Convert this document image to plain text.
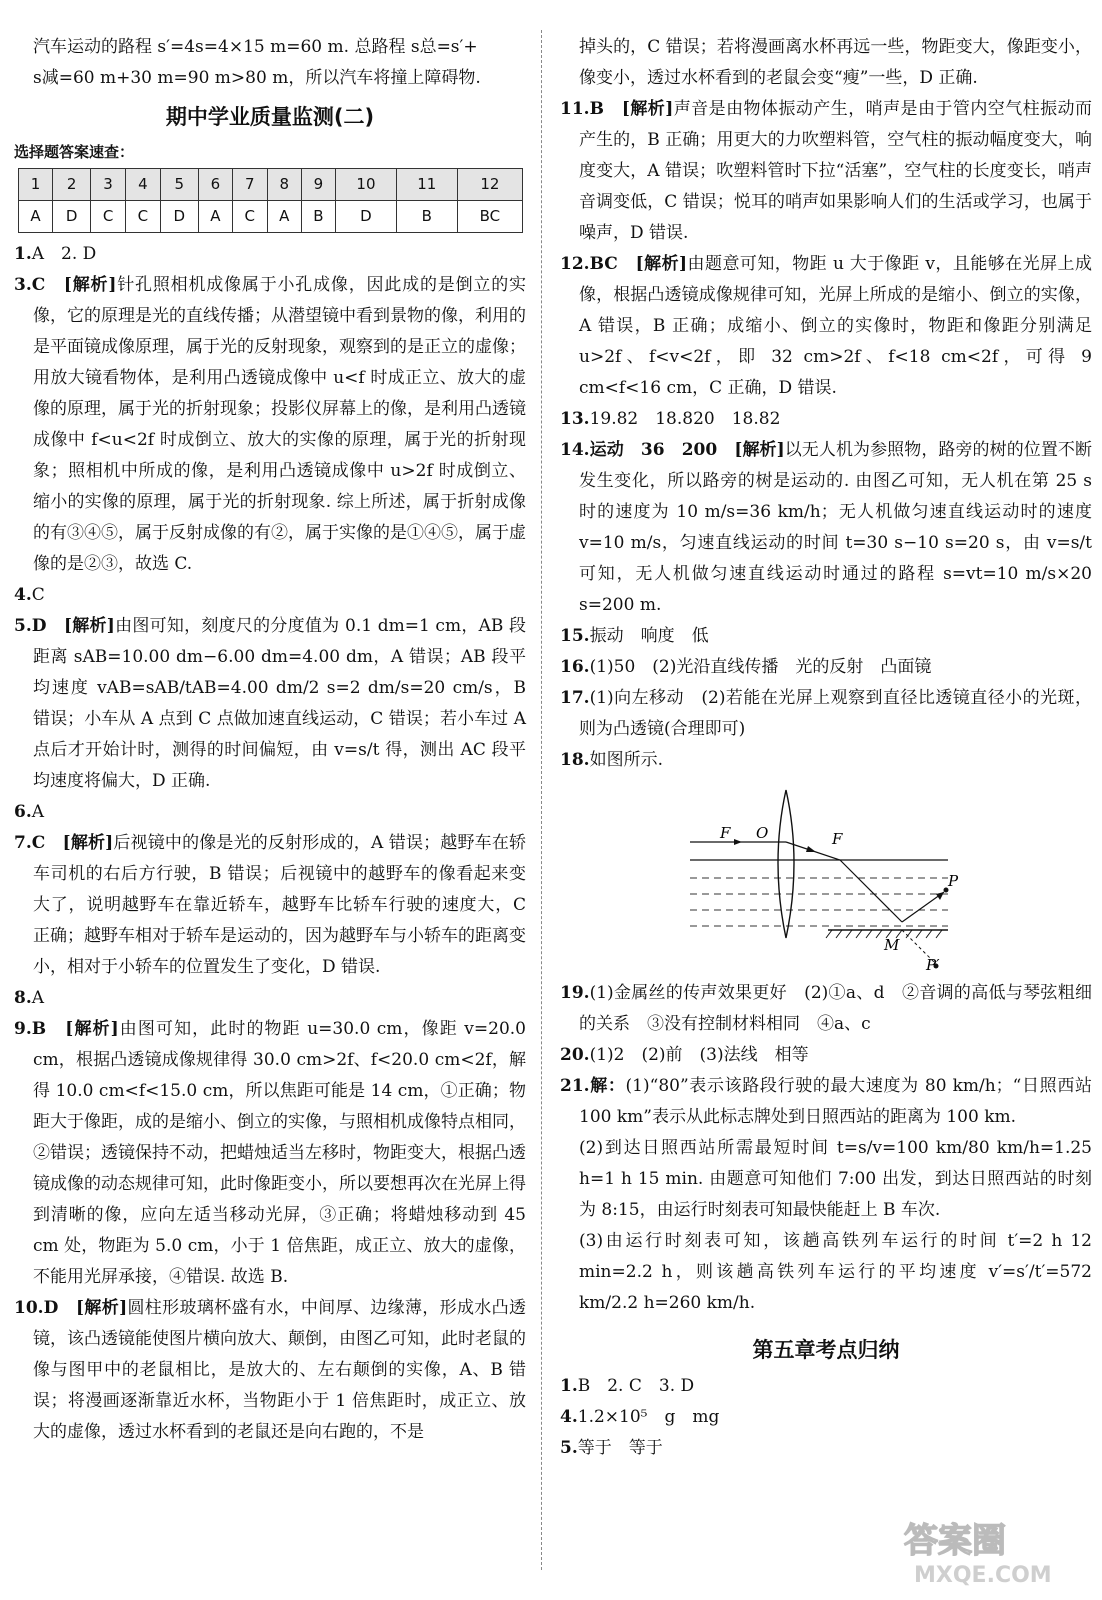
汽车运动的路程 s′=4s=4×15 m=60 m. 总路程 s总=s′+

s减=60 m+30 m=90 m>80 m，所以汽车将撞上障碍物.

期中学业质量监测(二)

选择题答案速查：

1	2	3	4	5	6	7	8	9	10	11	12
A	D	C	C	D	A	C	A	B	D	B	BC

1.A　2. D

3.C　[解析]针孔照相机成像属于小孔成像，因此成的是倒立的实像，它的原理是光的直线传播；从潜望镜中看到景物的像，利用的是平面镜成像原理，属于光的反射现象，观察到的是正立的虚像；用放大镜看物体，是利用凸透镜成像中 u<f 时成正立、放大的虚像的原理，属于光的折射现象；投影仪屏幕上的像，是利用凸透镜成像中 f<u<2f 时成倒立、放大的实像的原理，属于光的折射现象；照相机中所成的像，是利用凸透镜成像中 u>2f 时成倒立、缩小的实像的原理，属于光的折射现象. 综上所述，属于折射成像的有③④⑤，属于反射成像的有②，属于实像的是①④⑤，属于虚像的是②③，故选 C.

4.C

5.D　[解析]由图可知，刻度尺的分度值为 0.1 dm=1 cm，AB 段距离 sAB=10.00 dm−6.00 dm=4.00 dm，A 错误；AB 段平均速度 vAB=sAB/tAB=4.00 dm/2 s=2 dm/s=20 cm/s，B 错误；小车从 A 点到 C 点做加速直线运动，C 错误；若小车过 A 点后才开始计时，测得的时间偏短，由 v=s/t 得，测出 AC 段平均速度将偏大，D 正确.

6.A

7.C　[解析]后视镜中的像是光的反射形成的，A 错误；越野车在轿车司机的右后方行驶，B 错误；后视镜中的越野车的像看起来变大了，说明越野车在靠近轿车，越野车比轿车行驶的速度大，C 正确；越野车相对于轿车是运动的，因为越野车与小轿车的距离变小，相对于小轿车的位置发生了变化，D 错误.

8.A

9.B　[解析]由图可知，此时的物距 u=30.0 cm，像距 v=20.0 cm，根据凸透镜成像规律得 30.0 cm>2f、f<20.0 cm<2f，解得 10.0 cm<f<15.0 cm，所以焦距可能是 14 cm，①正确；物距大于像距，成的是缩小、倒立的实像，与照相机成像特点相同，②错误；透镜保持不动，把蜡烛适当左移时，物距变大，根据凸透镜成像的动态规律可知，此时像距变小，所以要想再次在光屏上得到清晰的像，应向左适当移动光屏，③正确；将蜡烛移动到 45 cm 处，物距为 5.0 cm，小于 1 倍焦距，成正立、放大的虚像，不能用光屏承接，④错误. 故选 B.

10.D　[解析]圆柱形玻璃杯盛有水，中间厚、边缘薄，形成水凸透镜，该凸透镜能使图片横向放大、颠倒，由图乙可知，此时老鼠的像与图甲中的老鼠相比，是放大的、左右颠倒的实像，A、B 错误；将漫画逐渐靠近水杯，当物距小于 1 倍焦距时，成正立、放大的虚像，透过水杯看到的老鼠还是向右跑的，不是

掉头的，C 错误；若将漫画离水杯再远一些，物距变大，像距变小，像变小，透过水杯看到的老鼠会变“瘦”一些，D 正确.

11.B　[解析]声音是由物体振动产生，哨声是由于管内空气柱振动而产生的，B 正确；用更大的力吹塑料管，空气柱的振动幅度变大，响度变大，A 错误；吹塑料管时下拉“活塞”，空气柱的长度变长，哨声音调变低，C 错误；悦耳的哨声如果影响人们的生活或学习，也属于噪声，D 错误.

12.BC　[解析]由题意可知，物距 u 大于像距 v，且能够在光屏上成像，根据凸透镜成像规律可知，光屏上所成的是缩小、倒立的实像，A 错误，B 正确；成缩小、倒立的实像时，物距和像距分别满足 u>2f、f<v<2f，即 32 cm>2f、f<18 cm<2f，可得 9 cm<f<16 cm，C 正确，D 错误.

13.19.82　18.820　18.82

14.运动　36　200　[解析]以无人机为参照物，路旁的树的位置不断发生变化，所以路旁的树是运动的. 由图乙可知，无人机在第 25 s 时的速度为 10 m/s=36 km/h；无人机做匀速直线运动时的速度 v=10 m/s，匀速直线运动的时间 t=30 s−10 s=20 s，由 v=s/t 可知，无人机做匀速直线运动时通过的路程 s=vt=10 m/s×20 s=200 m.

15.振动　响度　低

16.(1)50　(2)光沿直线传播　光的反射　凸面镜

17.(1)向左移动　(2)若能在光屏上观察到直径比透镜直径小的光斑，则为凸透镜(合理即可)

18.如图所示.

F O	F
P
M
P′

19.(1)金属丝的传声效果更好　(2)①a、d　②音调的高低与琴弦粗细的关系　③没有控制材料相同　④a、c

20.(1)2　(2)前　(3)法线　相等

21.解：(1)“80”表示该路段行驶的最大速度为 80 km/h；“日照西站 100 km”表示从此标志牌处到日照西站的距离为 100 km.

(2)到达日照西站所需最短时间 t=s/v=100 km/80 km/h=1.25 h=1 h 15 min. 由题意可知他们 7:00 出发，到达日照西站的时刻为 8:15，由运行时刻表可知最快能赶上 B 车次.

(3)由运行时刻表可知，该趟高铁列车运行的时间 t′=2 h 12 min=2.2 h，则该趟高铁列车运行的平均速度 v′=s′/t′=572 km/2.2 h=260 km/h.

第五章考点归纳

1.B　2. C　3. D

4.1.2×10⁵　g　mg

5.等于　等于

答案圈
MXQE.COM
